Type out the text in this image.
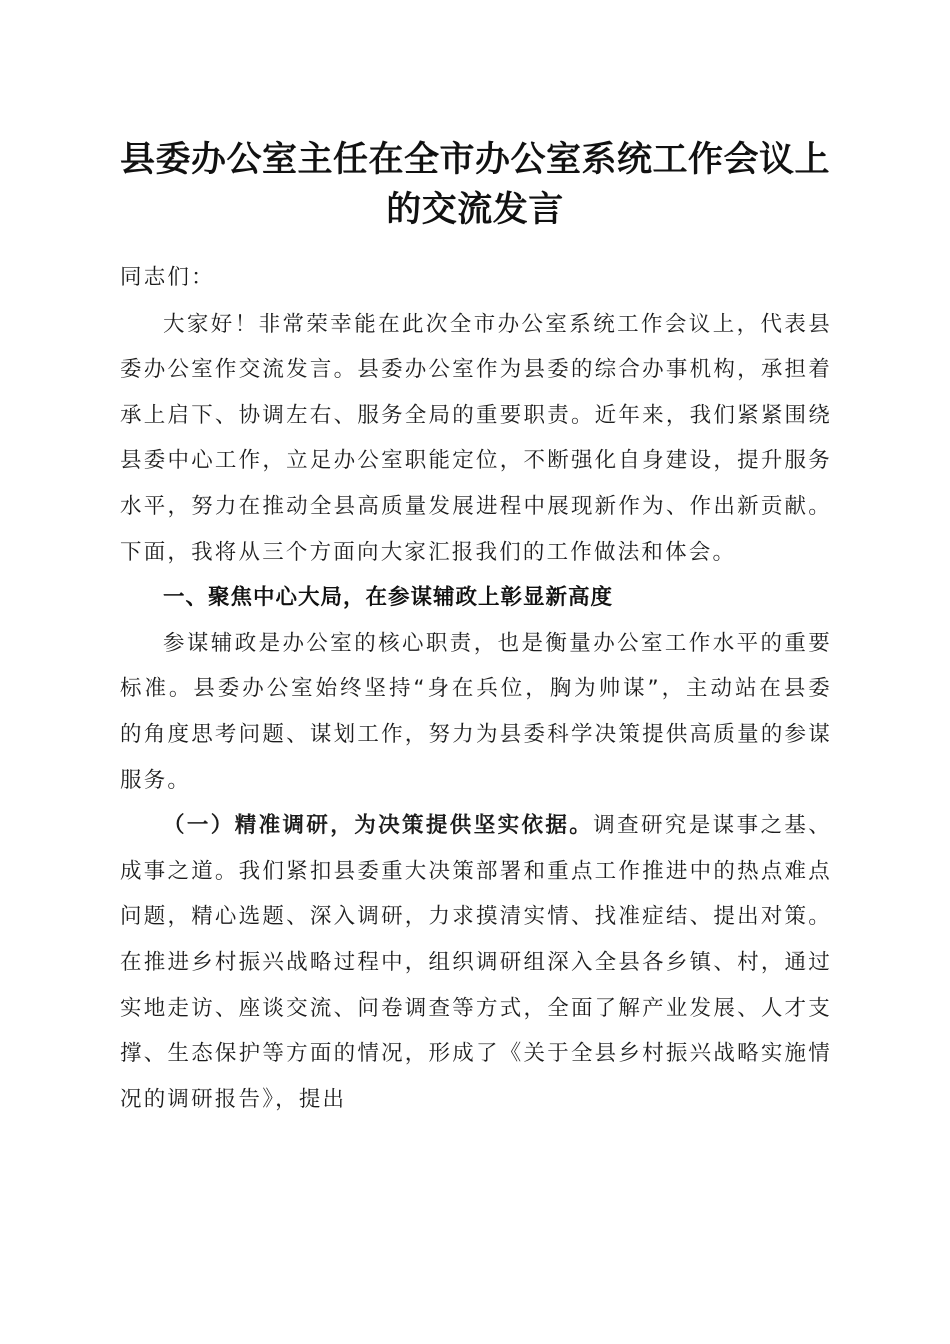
县委办公室主任在全市办公室系统工作会议上
的交流发言

同志们：

大家好！非常荣幸能在此次全市办公室系统工作会议上，代表县委办公室作交流发言。县委办公室作为县委的综合办事机构，承担着承上启下、协调左右、服务全局的重要职责。近年来，我们紧紧围绕县委中心工作，立足办公室职能定位，不断强化自身建设，提升服务水平，努力在推动全县高质量发展进程中展现新作为、作出新贡献。下面，我将从三个方面向大家汇报我们的工作做法和体会。

一、聚焦中心大局，在参谋辅政上彰显新高度

参谋辅政是办公室的核心职责，也是衡量办公室工作水平的重要标准。县委办公室始终坚持“身在兵位，胸为帅谋”，主动站在县委的角度思考问题、谋划工作，努力为县委科学决策提供高质量的参谋服务。

（一）精准调研，为决策提供坚实依据。调查研究是谋事之基、成事之道。我们紧扣县委重大决策部署和重点工作推进中的热点难点问题，精心选题、深入调研，力求摸清实情、找准症结、提出对策。在推进乡村振兴战略过程中，组织调研组深入全县各乡镇、村，通过实地走访、座谈交流、问卷调查等方式，全面了解产业发展、人才支撑、生态保护等方面的情况，形成了《关于全县乡村振兴战略实施情况的调研报告》，提出
